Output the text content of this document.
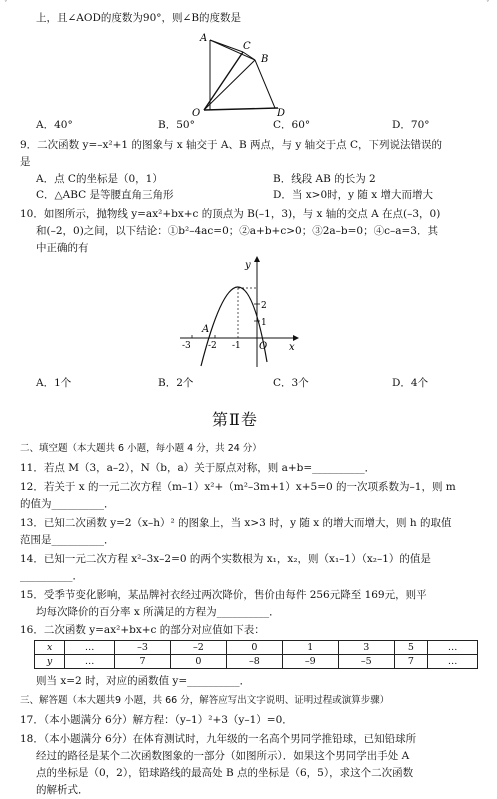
ˇ	ˇ
上，且∠AOD的度数为90°，则∠B的度数是
A
C
B
O	D
A．40°	B．50°	C．60°	D．70°
9．二次函数 y=–x²+1 的图象与 x 轴交于 A、B 两点，与 y 轴交于点 C，下列说法错误的
是
A．点 C的坐标是（0，1）	B．线段 AB 的长为 2
C．△ABC 是等腰直角三角形	D．当 x>0时，y 随 x 增大而增大
10．如图所示，抛物线 y=ax²+bx+c 的顶点为 B(–1，3)，与 x 轴的交点 A 在点(–3，0)
和(–2，0)之间，以下结论：①b²–4ac=0；②a+b+c>0；③2a–b=0；④c–a=3．其
中正确的有
y
x
2
1
A
-3 -2 -1 O
A．1个	B．2个	C．3个	D．4个
第Ⅱ卷
二、填空题（本大题共 6 小题，每小题 4 分，共 24 分）
11．若点 M（3，a–2），N（b，a）关于原点对称，则 a+b=__________．
12．若关于 x 的一元二次方程（m–1）x²+（m²–3m+1）x+5=0 的一次项系数为–1，则 m
的值为__________．
13．已知二次函数 y=2（x–h）² 的图象上，当 x>3 时，y 随 x 的增大而增大，则 h 的取值
范围是__________．
14．已知一元二次方程 x²–3x–2=0 的两个实数根为 x₁，x₂，则（x₁–1）（x₂–1）的值是
__________．
15．受季节变化影响，某品牌衬衣经过两次降价，售价由每件 256元降至 169元，则平
均每次降价的百分率 x 所满足的方程为__________．
16．二次函数 y=ax²+bx+c 的部分对应值如下表：
x	…	–3	–2	0	1	3	5	…
y	…	7	0	–8	–9	–5	7	…
则当 x=2 时，对应的函数值 y=__________．
三、解答题（本大题共9 小题，共 66 分，解答应写出文字说明、证明过程或演算步骤）
17．（本小题满分 6分）解方程：（y–1）²+3（y–1）=0．
18．（本小题满分 6分）在体育测试时，九年级的一名高个男同学推铅球，已知铅球所
经过的路径是某个二次函数图象的一部分（如图所示）．如果这个男同学出手处 A
点的坐标是（0，2），铅球路线的最高处 B 点的坐标是（6，5），求这个二次函数
的解析式．
